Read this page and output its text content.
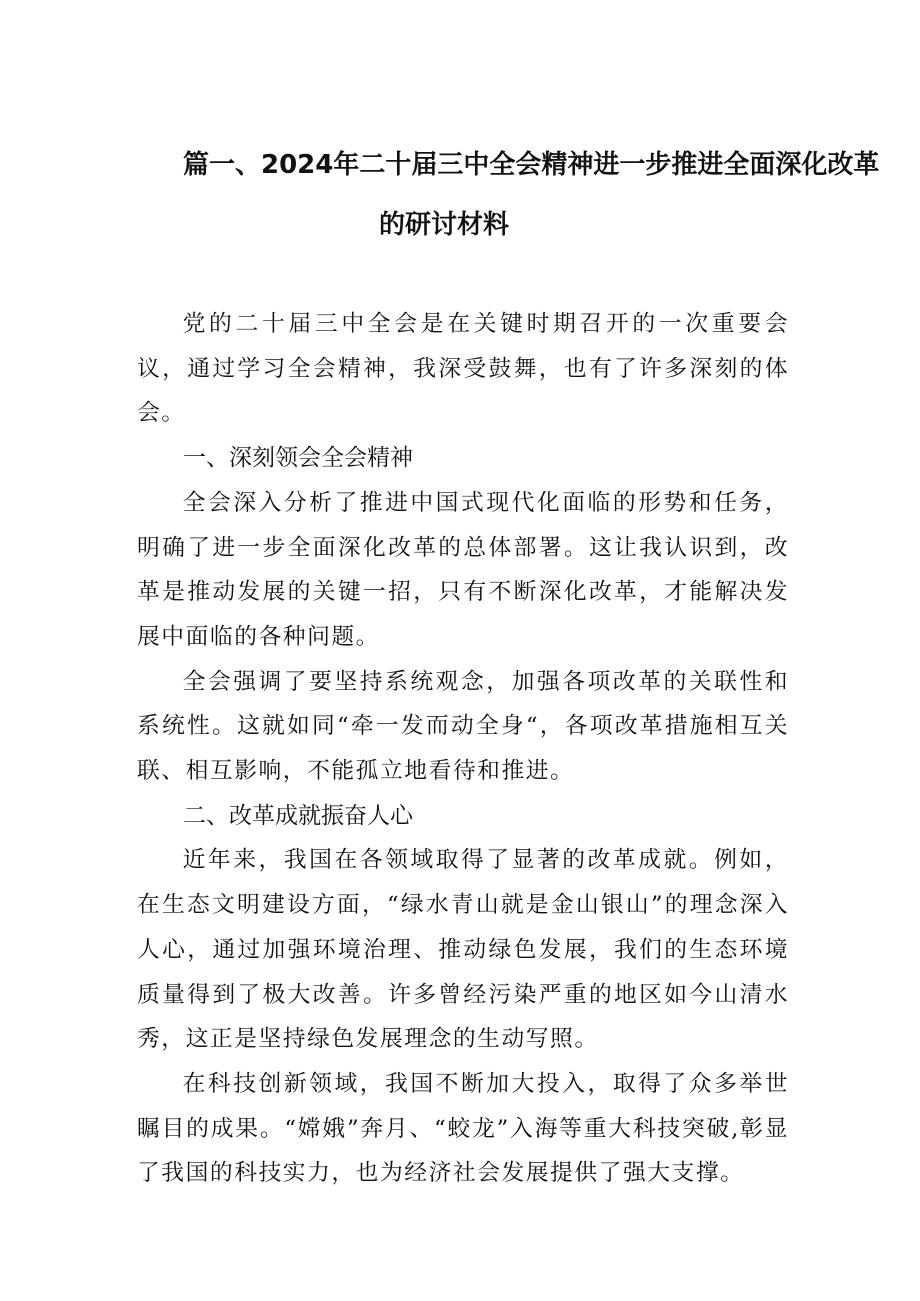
篇一、2024年二十届三中全会精神进一步推进全面深化改革
的研讨材料

党的二十届三中全会是在关键时期召开的一次重要会议，通过学习全会精神，我深受鼓舞，也有了许多深刻的体会。

一、深刻领会全会精神

全会深入分析了推进中国式现代化面临的形势和任务，明确了进一步全面深化改革的总体部署。这让我认识到，改革是推动发展的关键一招，只有不断深化改革，才能解决发展中面临的各种问题。

全会强调了要坚持系统观念，加强各项改革的关联性和系统性。这就如同“牵一发而动全身“，各项改革措施相互关联、相互影响，不能孤立地看待和推进。

二、改革成就振奋人心

近年来，我国在各领域取得了显著的改革成就。例如，在生态文明建设方面，“绿水青山就是金山银山”的理念深入人心，通过加强环境治理、推动绿色发展，我们的生态环境质量得到了极大改善。许多曾经污染严重的地区如今山清水秀，这正是坚持绿色发展理念的生动写照。

在科技创新领域，我国不断加大投入，取得了众多举世瞩目的成果。“嫦娥”奔月、“蛟龙”入海等重大科技突破,彰显了我国的科技实力，也为经济社会发展提供了强大支撑。
